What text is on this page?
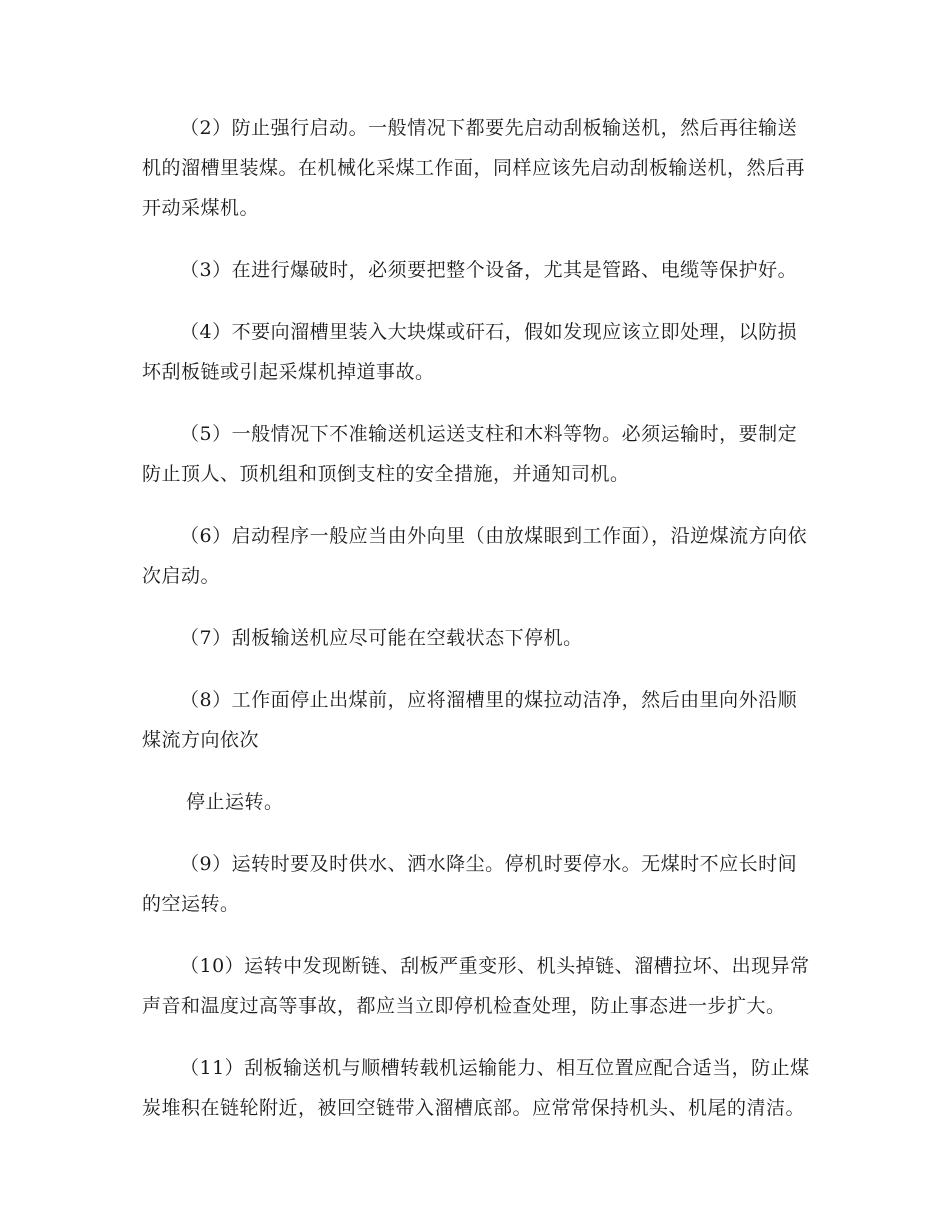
（2）防止强行启动。一般情况下都要先启动刮板输送机，然后再往输送机的溜槽里装煤。在机械化采煤工作面，同样应该先启动刮板输送机，然后再开动采煤机。

（3）在进行爆破时，必须要把整个设备，尤其是管路、电缆等保护好。

（4）不要向溜槽里装入大块煤或矸石，假如发现应该立即处理，以防损坏刮板链或引起采煤机掉道事故。

（5）一般情况下不准输送机运送支柱和木料等物。必须运输时，要制定防止顶人、顶机组和顶倒支柱的安全措施，并通知司机。

（6）启动程序一般应当由外向里（由放煤眼到工作面），沿逆煤流方向依次启动。

（7）刮板输送机应尽可能在空载状态下停机。

（8）工作面停止出煤前，应将溜槽里的煤拉动洁净，然后由里向外沿顺煤流方向依次

停止运转。

（9）运转时要及时供水、洒水降尘。停机时要停水。无煤时不应长时间的空运转。

（10）运转中发现断链、刮板严重变形、机头掉链、溜槽拉坏、出现异常声音和温度过高等事故，都应当立即停机检查处理，防止事态进一步扩大。

（11）刮板输送机与顺槽转载机运输能力、相互位置应配合适当，防止煤炭堆积在链轮附近，被回空链带入溜槽底部。应常常保持机头、机尾的清洁。
